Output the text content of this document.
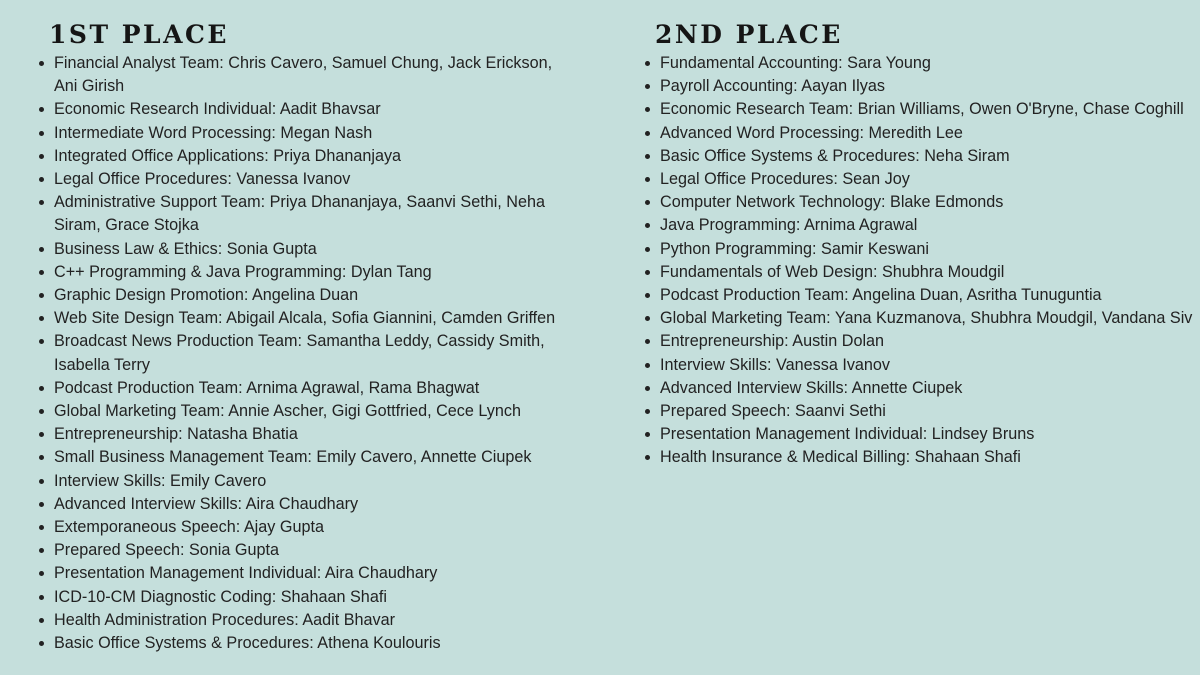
1ST PLACE
Financial Analyst Team: Chris Cavero, Samuel Chung, Jack Erickson, Ani Girish
Economic Research Individual: Aadit Bhavsar
Intermediate Word Processing: Megan Nash
Integrated Office Applications: Priya Dhananjaya
Legal Office Procedures: Vanessa Ivanov
Administrative Support Team: Priya Dhananjaya, Saanvi Sethi, Neha Siram, Grace Stojka
Business Law & Ethics: Sonia Gupta
C++ Programming & Java Programming: Dylan Tang
Graphic Design Promotion: Angelina Duan
Web Site Design Team: Abigail Alcala, Sofia Giannini, Camden Griffen
Broadcast News Production Team: Samantha Leddy, Cassidy Smith, Isabella Terry
Podcast Production Team: Arnima Agrawal, Rama Bhagwat
Global Marketing Team: Annie Ascher, Gigi Gottfried, Cece Lynch
Entrepreneurship: Natasha Bhatia
Small Business Management Team: Emily Cavero, Annette Ciupek
Interview Skills: Emily Cavero
Advanced Interview Skills: Aira Chaudhary
Extemporaneous Speech: Ajay Gupta
Prepared Speech: Sonia Gupta
Presentation Management Individual: Aira Chaudhary
ICD-10-CM Diagnostic Coding: Shahaan Shafi
Health Administration Procedures: Aadit Bhavar
Basic Office Systems & Procedures: Athena Koulouris
2ND PLACE
Fundamental Accounting: Sara Young
Payroll Accounting: Aayan Ilyas
Economic Research Team: Brian Williams, Owen O'Bryne, Chase Coghill
Advanced Word Processing: Meredith Lee
Basic Office Systems & Procedures: Neha Siram
Legal Office Procedures: Sean Joy
Computer Network Technology: Blake Edmonds
Java Programming: Arnima Agrawal
Python Programming: Samir Keswani
Fundamentals of Web Design: Shubhra Moudgil
Podcast Production Team: Angelina Duan, Asritha Tunuguntia
Global Marketing Team: Yana Kuzmanova, Shubhra Moudgil, Vandana Siv
Entrepreneurship: Austin Dolan
Interview Skills: Vanessa Ivanov
Advanced Interview Skills: Annette Ciupek
Prepared Speech: Saanvi Sethi
Presentation Management Individual: Lindsey Bruns
Health Insurance & Medical Billing: Shahaan Shafi
